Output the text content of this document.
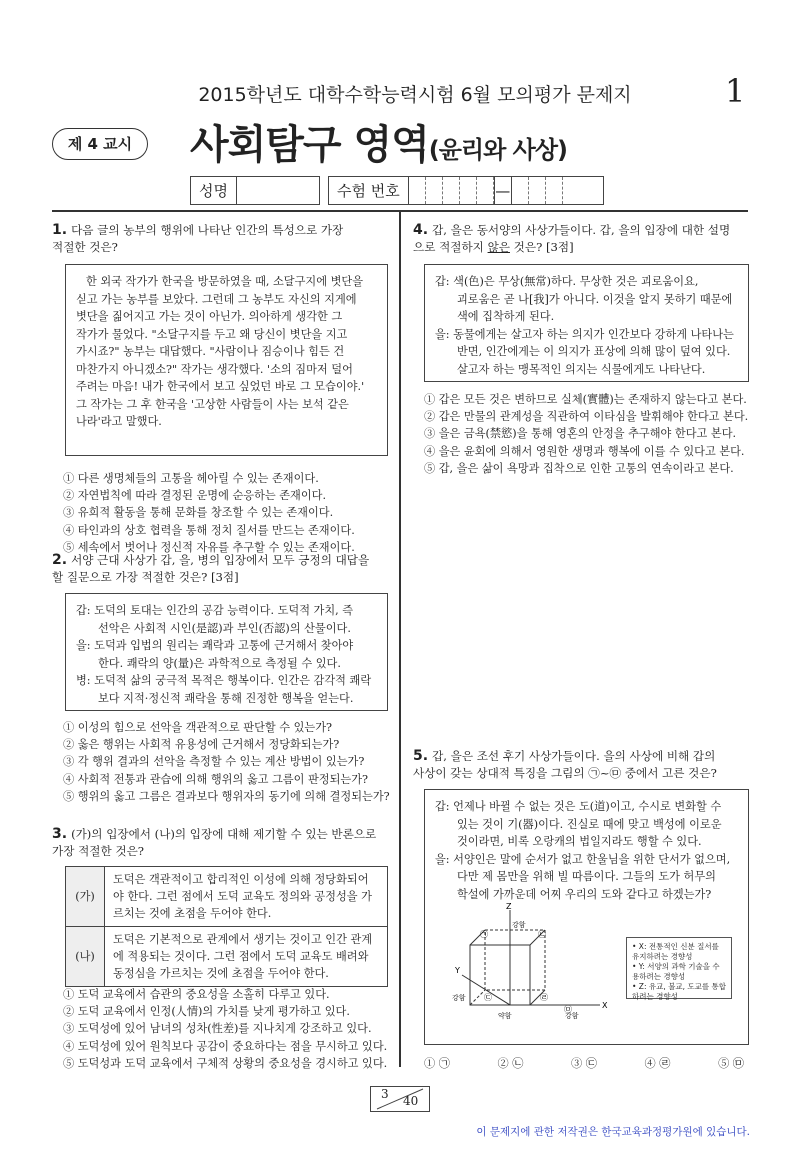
2015학년도 대학수학능력시험 6월 모의평가 문제지	1
제 4 교시	사회탐구 영역(윤리와 사상)
성명	수험 번호	—
1. 다음 글의 농부의 행위에 나타난 인간의 특성으로 가장
적절한 것은?
한 외국 작가가 한국을 방문하였을 때, 소달구지에 볏단을
싣고 가는 농부를 보았다. 그런데 그 농부도 자신의 지게에
볏단을 짊어지고 가는 것이 아닌가. 의아하게 생각한 그
작가가 물었다. "소달구지를 두고 왜 당신이 볏단을 지고
가시죠?" 농부는 대답했다. "사람이나 짐승이나 힘든 건
마찬가지 아니겠소?" 작가는 생각했다. '소의 짐마저 덜어
주려는 마음! 내가 한국에서 보고 싶었던 바로 그 모습이야.'
그 작가는 그 후 한국을 '고상한 사람들이 사는 보석 같은
나라'라고 말했다.
① 다른 생명체들의 고통을 헤아릴 수 있는 존재이다.
② 자연법칙에 따라 결정된 운명에 순응하는 존재이다.
③ 유희적 활동을 통해 문화를 창조할 수 있는 존재이다.
④ 타인과의 상호 협력을 통해 정치 질서를 만드는 존재이다.
⑤ 세속에서 벗어나 정신적 자유를 추구할 수 있는 존재이다.
2. 서양 근대 사상가 갑, 을, 병의 입장에서 모두 긍정의 대답을
할 질문으로 가장 적절한 것은? [3점]
갑: 도덕의 토대는 인간의 공감 능력이다. 도덕적 가치, 즉
선악은 사회적 시인(是認)과 부인(否認)의 산물이다.
을: 도덕과 입법의 원리는 쾌락과 고통에 근거해서 찾아야
한다. 쾌락의 양(量)은 과학적으로 측정될 수 있다.
병: 도덕적 삶의 궁극적 목적은 행복이다. 인간은 감각적 쾌락
보다 지적·정신적 쾌락을 통해 진정한 행복을 얻는다.
① 이성의 힘으로 선악을 객관적으로 판단할 수 있는가?
② 옳은 행위는 사회적 유용성에 근거해서 정당화되는가?
③ 각 행위 결과의 선악을 측정할 수 있는 계산 방법이 있는가?
④ 사회적 전통과 관습에 의해 행위의 옳고 그름이 판정되는가?
⑤ 행위의 옳고 그름은 결과보다 행위자의 동기에 의해 결정되는가?
3. (가)의 입장에서 (나)의 입장에 대해 제기할 수 있는 반론으로
가장 적절한 것은?
(가)	도덕은 객관적이고 합리적인 이성에 의해 정당화되어야 한다. 그런 점에서 도덕 교육도 정의와 공정성을 가르치는 것에 초점을 두어야 한다.
(나)	도덕은 기본적으로 관계에서 생기는 것이고 인간 관계에 적용되는 것이다. 그런 점에서 도덕 교육도 배려와 동정심을 가르치는 것에 초점을 두어야 한다.
① 도덕 교육에서 습관의 중요성을 소홀히 다루고 있다.
② 도덕 교육에서 인정(人情)의 가치를 낮게 평가하고 있다.
③ 도덕성에 있어 남녀의 성차(性差)를 지나치게 강조하고 있다.
④ 도덕성에 있어 원칙보다 공감이 중요하다는 점을 무시하고 있다.
⑤ 도덕성과 도덕 교육에서 구체적 상황의 중요성을 경시하고 있다.
4. 갑, 을은 동서양의 사상가들이다. 갑, 을의 입장에 대한 설명
으로 적절하지 않은 것은? [3점]
갑: 색(色)은 무상(無常)하다. 무상한 것은 괴로움이요,
괴로움은 곧 나[我]가 아니다. 이것을 알지 못하기 때문에
색에 집착하게 된다.
을: 동물에게는 살고자 하는 의지가 인간보다 강하게 나타나는
반면, 인간에게는 이 의지가 표상에 의해 많이 덮여 있다.
살고자 하는 맹목적인 의지는 식물에게도 나타난다.
① 갑은 모든 것은 변하므로 실체(實體)는 존재하지 않는다고 본다.
② 갑은 만물의 관계성을 직관하여 이타심을 발휘해야 한다고 본다.
③ 을은 금욕(禁慾)을 통해 영혼의 안정을 추구해야 한다고 본다.
④ 을은 윤회에 의해서 영원한 생명과 행복에 이를 수 있다고 본다.
⑤ 갑, 을은 삶이 욕망과 집착으로 인한 고통의 연속이라고 본다.
5. 갑, 을은 조선 후기 사상가들이다. 을의 사상에 비해 갑의
사상이 갖는 상대적 특징을 그림의 ㉠~㉤ 중에서 고른 것은?
갑: 언제나 바뀔 수 없는 것은 도(道)이고, 수시로 변화할 수
있는 것이 기(器)이다. 진실로 때에 맞고 백성에 이로운
것이라면, 비록 오랑캐의 법일지라도 행할 수 있다.
을: 서양인은 말에 순서가 없고 한울님을 위한 단서가 없으며,
다만 제 몸만을 위해 빌 따름이다. 그들의 도가 허무의
학설에 가까운데 어찌 우리의 도와 같다고 하겠는가?
Z
강함
Y
강함
X
약함	강함
㉠	㉡
㉢	㉣
㉤
• X: 전통적인 신분 질서를 유지하려는 경향성
• Y: 서양의 과학 기술을 수용하려는 경향성
• Z: 유교, 불교, 도교를 통합하려는 경향성
① ㉠	② ㉡	③ ㉢	④ ㉣	⑤ ㉤
3 40
이 문제지에 관한 저작권은 한국교육과정평가원에 있습니다.
